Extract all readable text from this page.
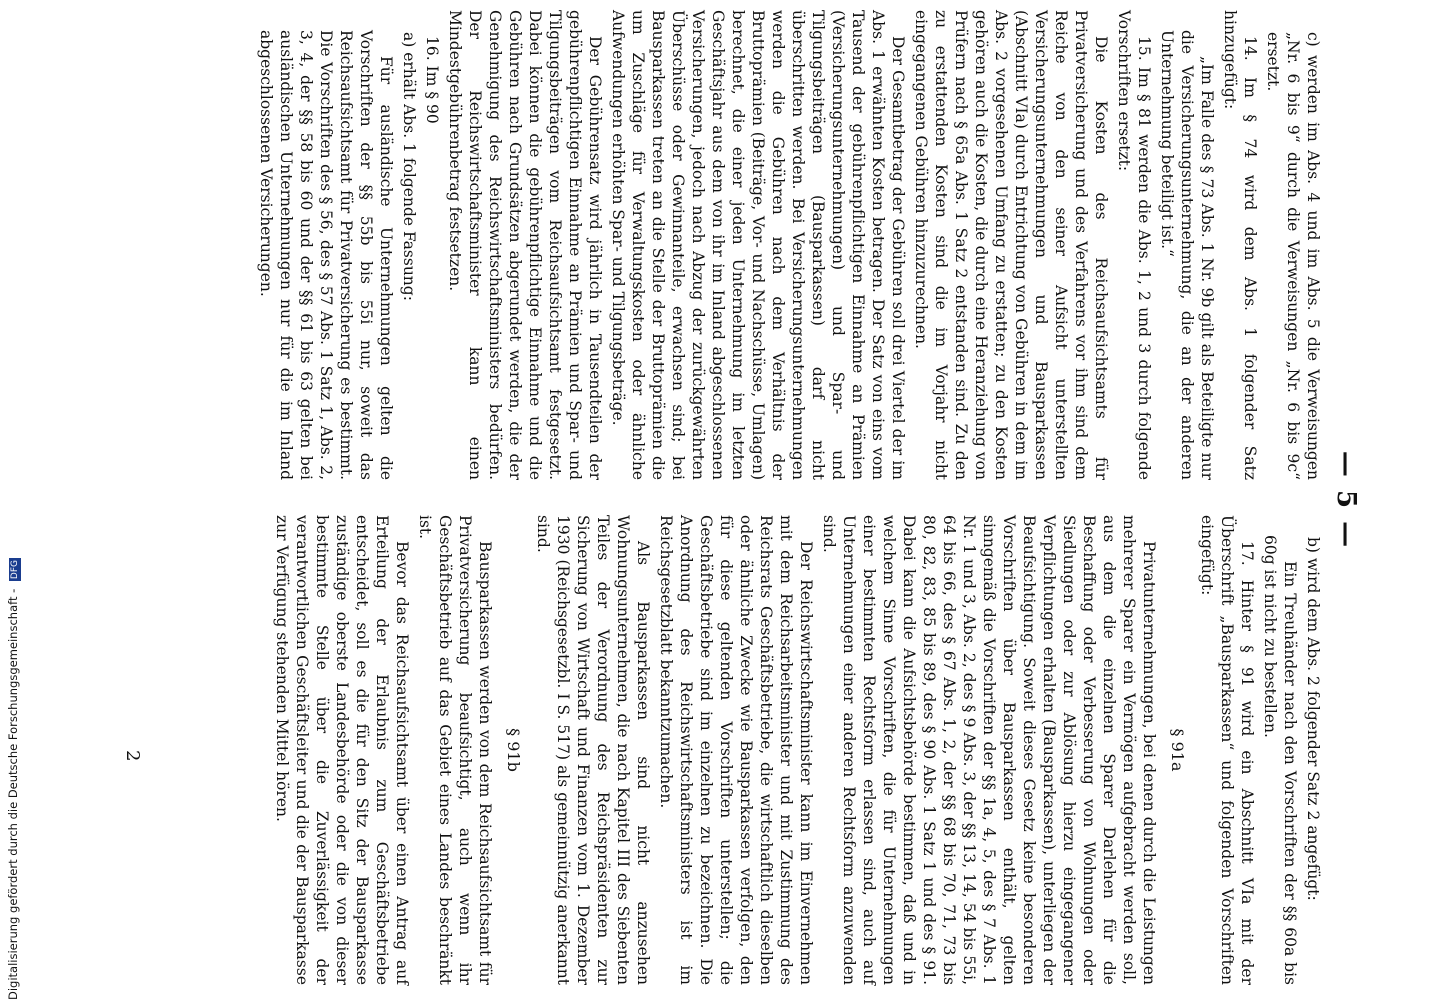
— 5 —

c) werden im Abs. 4 und im Abs. 5 die Verweisungen „Nr. 6 bis 9“ durch die Verweisungen „Nr. 6 bis 9c“ ersetzt.

14. Im § 74 wird dem Abs. 1 folgender Satz hinzugefügt:

„Im Falle des § 73 Abs. 1 Nr. 9b gilt als Beteiligte nur die Versicherungsunternehmung, die an der anderen Unternehmung beteiligt ist.“

15. Im § 81 werden die Abs. 1, 2 und 3 durch folgende Vorschriften ersetzt:

Die Kosten des Reichsaufsichtsamts für Privatversicherung und des Verfahrens vor ihm sind dem Reiche von den seiner Aufsicht unterstellten Versicherungsunternehmungen und Bausparkassen (Abschnitt VIa) durch Entrichtung von Gebühren in dem im Abs. 2 vorgesehenen Umfang zu erstatten; zu den Kosten gehören auch die Kosten, die durch eine Heranziehung von Prüfern nach § 65a Abs. 1 Satz 2 entstanden sind. Zu den zu erstattenden Kosten sind die im Vorjahr nicht eingegangenen Gebühren hinzuzurechnen.

Der Gesamtbetrag der Gebühren soll drei Viertel der im Abs. 1 erwähnten Kosten betragen. Der Satz von eins vom Tausend der gebührenpflichtigen Einnahme an Prämien (Versicherungsunternehmungen) und Spar- und Tilgungsbeiträgen (Bausparkassen) darf nicht überschritten werden. Bei Versicherungsunternehmungen werden die Gebühren nach dem Verhältnis der Bruttoprämien (Beiträge, Vor- und Nachschüsse, Umlagen) berechnet, die einer jeden Unternehmung im letzten Geschäftsjahr aus dem von ihr im Inland abgeschlossenen Versicherungen, jedoch nach Abzug der zurückgewährten Überschüsse oder Gewinnanteile, erwachsen sind; bei Bausparkassen treten an die Stelle der Bruttoprämien die um Zuschläge für Verwaltungskosten oder ähnliche Aufwendungen erhöhten Spar- und Tilgungsbeträge.

Der Gebührensatz wird jährlich in Tausendteilen der gebührenpflichtigen Einnahme an Prämien und Spar- und Tilgungsbeiträgen vom Reichsaufsichtsamt festgesetzt. Dabei können die gebührenpflichtige Einnahme und die Gebühren nach Grundsätzen abgerundet werden, die der Genehmigung des Reichswirtschaftsministers bedürfen. Der Reichswirtschaftsminister kann einen Mindestgebührenbetrag festsetzen.

16. Im § 90

a) erhält Abs. 1 folgende Fassung:

Für ausländische Unternehmungen gelten die Vorschriften der §§ 55b bis 55i nur, soweit das Reichsaufsichtsamt für Privatversicherung es bestimmt. Die Vorschriften des § 56, des § 57 Abs. 1 Satz 1, Abs. 2, 3, 4, der §§ 58 bis 60 und der §§ 61 bis 63 gelten bei ausländischen Unternehmungen nur für die im Inland abgeschlossenen Versicherungen.

b) wird dem Abs. 2 folgender Satz 2 angefügt:

Ein Treuhänder nach den Vorschriften der §§ 60a bis 60g ist nicht zu bestellen.

17. Hinter § 91 wird ein Abschnitt VIa mit der Überschrift „Bausparkassen“ und folgenden Vorschriften eingefügt:

§ 91a

Privatunternehmungen, bei denen durch die Leistungen mehrerer Sparer ein Vermögen aufgebracht werden soll, aus dem die einzelnen Sparer Darlehen für die Beschaffung oder Verbesserung von Wohnungen oder Siedlungen oder zur Ablösung hierzu eingegangener Verpflichtungen erhalten (Bausparkassen), unterliegen der Beaufsichtigung. Soweit dieses Gesetz keine besonderen Vorschriften über Bausparkassen enthält, gelten sinngemäß die Vorschriften der §§ 1a, 4, 5, des § 7 Abs. 1 Nr. 1 und 3, Abs. 2, des § 9 Abs. 3, der §§ 13, 14, 54 bis 55i, 64 bis 66, des § 67 Abs. 1, 2, der §§ 68 bis 70, 71, 73 bis 80, 82, 83, 85 bis 89, des § 90 Abs. 1 Satz 1 und des § 91. Dabei kann die Aufsichtsbehörde bestimmen, daß und in welchem Sinne Vorschriften, die für Unternehmungen einer bestimmten Rechtsform erlassen sind, auch auf Unternehmungen einer anderen Rechtsform anzuwenden sind.

Der Reichswirtschaftsminister kann im Einvernehmen mit dem Reichsarbeitsminister und mit Zustimmung des Reichsrats Geschäftsbetriebe, die wirtschaftlich dieselben oder ähnliche Zwecke wie Bausparkassen verfolgen, den für diese geltenden Vorschriften unterstellen; die Geschäftsbetriebe sind im einzelnen zu bezeichnen. Die Anordnung des Reichswirtschaftsministers ist im Reichsgesetzblatt bekanntzumachen.

Als Bausparkassen sind nicht anzusehen Wohnungsunternehmen, die nach Kapitel III des Siebenten Teiles der Verordnung des Reichspräsidenten zur Sicherung von Wirtschaft und Finanzen vom 1. Dezember 1930 (Reichsgesetzbl. I S. 517) als gemeinnützig anerkannt sind.

§ 91b

Bausparkassen werden von dem Reichsaufsichtsamt für Privatversicherung beaufsichtigt, auch wenn ihr Geschäftsbetrieb auf das Gebiet eines Landes beschränkt ist.

Bevor das Reichsaufsichtsamt über einen Antrag auf Erteilung der Erlaubnis zum Geschäftsbetriebe entscheidet, soll es die für den Sitz der Bausparkasse zuständige oberste Landesbehörde oder die von dieser bestimmte Stelle über die Zuverlässigkeit der verantwortlichen Geschäftsleiter und die der Bausparkasse zur Verfügung stehenden Mittel hören.

2
Digitalisierung gefördert durch die Deutsche Forschungsgemeinschaft - DFG
